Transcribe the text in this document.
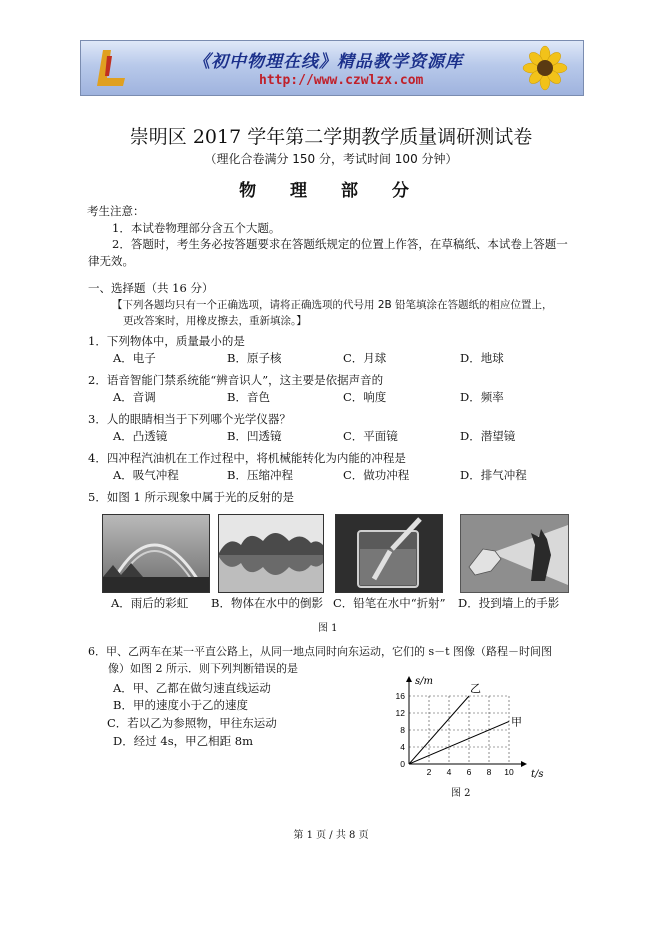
《初中物理在线》精品教学资源库
http://www.czwlzx.com
崇明区 2017 学年第二学期教学质量调研测试卷
（理化合卷满分 150 分，考试时间 100 分钟）
物 理 部 分
考生注意：
1．本试卷物理部分含五个大题。
2．答题时，考生务必按答题要求在答题纸规定的位置上作答，在草稿纸、本试卷上答题一
律无效。
一、选择题（共 16 分）
【下列各题均只有一个正确选项，请将正确选项的代号用 2B 铅笔填涂在答题纸的相应位置上，
更改答案时，用橡皮擦去，重新填涂。】
1．下列物体中，质量最小的是
A．电子	B．原子核	C．月球	D．地球
2．语音智能门禁系统能“辨音识人”，这主要是依据声音的
A．音调	B．音色	C．响度	D．频率
3．人的眼睛相当于下列哪个光学仪器？
A．凸透镜	B．凹透镜	C．平面镜	D．潜望镜
4．四冲程汽油机在工作过程中，将机械能转化为内能的冲程是
A．吸气冲程	B．压缩冲程	C．做功冲程	D．排气冲程
5．如图 1 所示现象中属于光的反射的是
A．雨后的彩虹 B．物体在水中的倒影 C．铅笔在水中“折射” D．投到墙上的手影
图 1
6．甲、乙两车在某一平直公路上，从同一地点同时向东运动，它们的 s－t 图像（路程－时间图
像）如图 2 所示．则下列判断错误的是
A．甲、乙都在做匀速直线运动
B．甲的速度小于乙的速度
C．若以乙为参照物，甲往东运动
D．经过 4s，甲乙相距 8m
2 4 6 8 10
0
4
8
12
16
乙
甲
s/m
t/s
图 2
第 1 页 / 共 8 页
